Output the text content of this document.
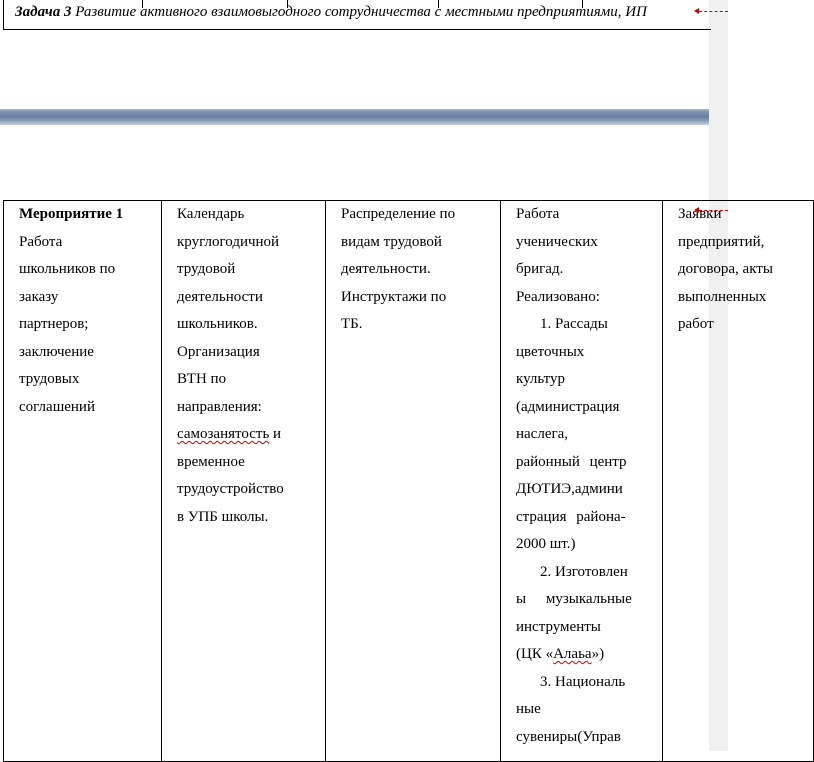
Задача 3 Развитие активного взаимовыгодного сотрудничества с местными предприятиями, ИП
Мероприятие 1
Работа
школьников по
заказу
партнеров;
заключение
трудовых
соглашений

Календарь
круглогодичной
трудовой
деятельности
школьников.
Организация
ВТН по
направления:
самозанятость и
временное
трудоустройство
в УПБ школы.

Распределение по
видам трудовой
деятельности.
Инструктажи по
ТБ.

Работа
ученических
бригад.
Реализовано:
1. Рассады
цветочных
культур
(администрация
наслега,
районный центр
ДЮТИЭ,админи
страция района-
2000 шт.)
2. Изготовлен
ы музыкальные
инструменты
(ЦК «Алаьа»)
3. Националь
ные
сувениры(Управ

Заявки
предприятий,
договора, акты
выполненных
работ
